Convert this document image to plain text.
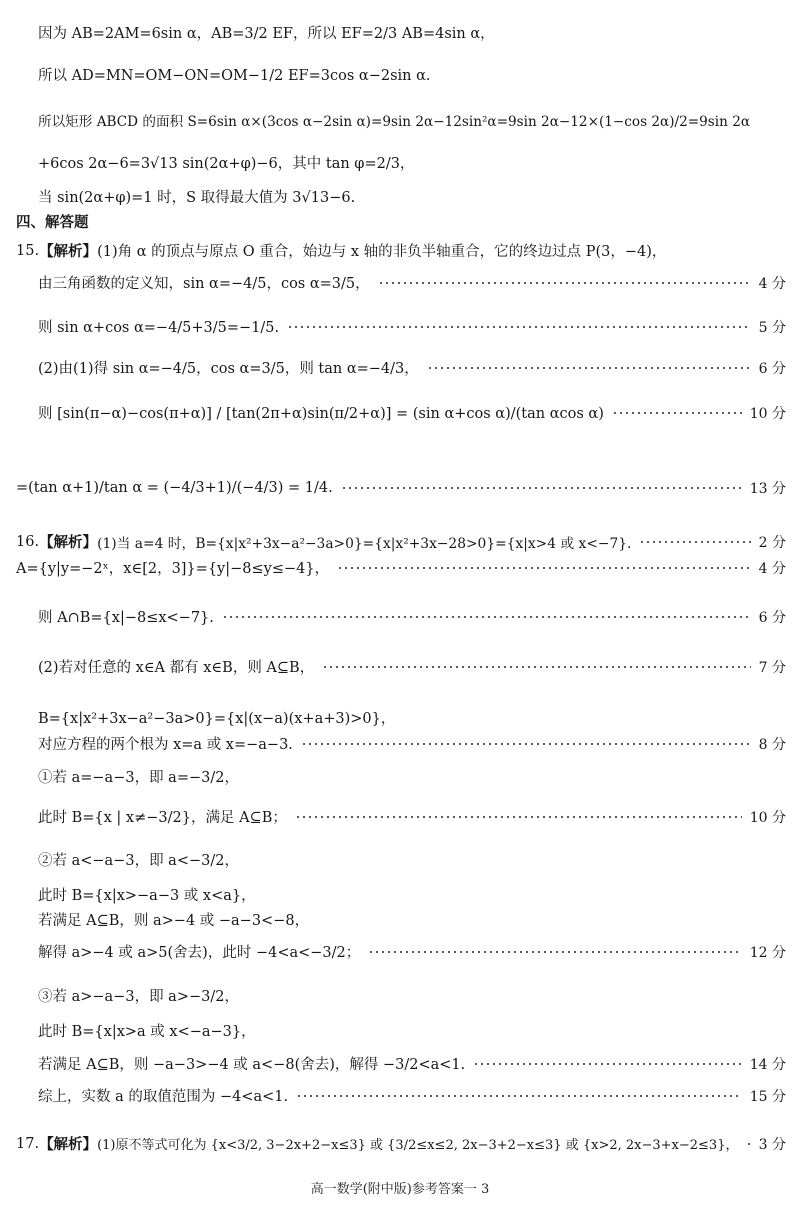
因为 AB=2AM=6sin α，AB=3/2 EF，所以 EF=2/3 AB=4sin α，
所以 AD=MN=OM−ON=OM−1/2 EF=3cos α−2sin α.
所以矩形 ABCD 的面积 S=6sin α×(3cos α−2sin α)=9sin 2α−12sin²α=9sin 2α−12×(1−cos 2α)/2=9sin 2α
+6cos 2α−6=3√13 sin(2α+φ)−6，其中 tan φ=2/3，
当 sin(2α+φ)=1 时，S 取得最大值为 3√13−6.
四、解答题
15. 【解析】 (1)角 α 的顶点与原点 O 重合，始边与 x 轴的非负半轴重合，它的终边过点 P(3，−4)，
由三角函数的定义知，sin α=−4/5，cos α=3/5，	4 分
则 sin α+cos α=−4/5+3/5=−1/5.	5 分
(2)由(1)得 sin α=−4/5，cos α=3/5，则 tan α=−4/3，	6 分
则 [sin(π−α)−cos(π+α)] / [tan(2π+α)sin(π/2+α)] = (sin α+cos α)/(tan αcos α)	10 分
=(tan α+1)/tan α = (−4/3+1)/(−4/3) = 1/4.	13 分
16. 【解析】 (1)当 a=4 时，B={x|x²+3x−a²−3a>0}={x|x²+3x−28>0}={x|x>4 或 x<−7}.	2 分
A={y|y=−2ˣ，x∈[2，3]}={y|−8≤y≤−4}，	4 分
则 A∩B={x|−8≤x<−7}.	6 分
(2)若对任意的 x∈A 都有 x∈B，则 A⊆B，	7 分
B={x|x²+3x−a²−3a>0}={x|(x−a)(x+a+3)>0}，
对应方程的两个根为 x=a 或 x=−a−3.	8 分
①若 a=−a−3，即 a=−3/2，
此时 B={x | x≠−3/2}，满足 A⊆B；	10 分
②若 a<−a−3，即 a<−3/2，
此时 B={x|x>−a−3 或 x<a}，
若满足 A⊆B，则 a>−4 或 −a−3<−8，
解得 a>−4 或 a>5(舍去)，此时 −4<a<−3/2；	12 分
③若 a>−a−3，即 a>−3/2，
此时 B={x|x>a 或 x<−a−3}，
若满足 A⊆B，则 −a−3>−4 或 a<−8(舍去)，解得 −3/2<a<1.	14 分
综上，实数 a 的取值范围为 −4<a<1.	15 分
17. 【解析】 (1)原不等式可化为 {x<3/2, 3−2x+2−x≤3} 或 {3/2≤x≤2, 2x−3+2−x≤3} 或 {x>2, 2x−3+x−2≤3}， 3 分
高一数学(附中版)参考答案一 3
